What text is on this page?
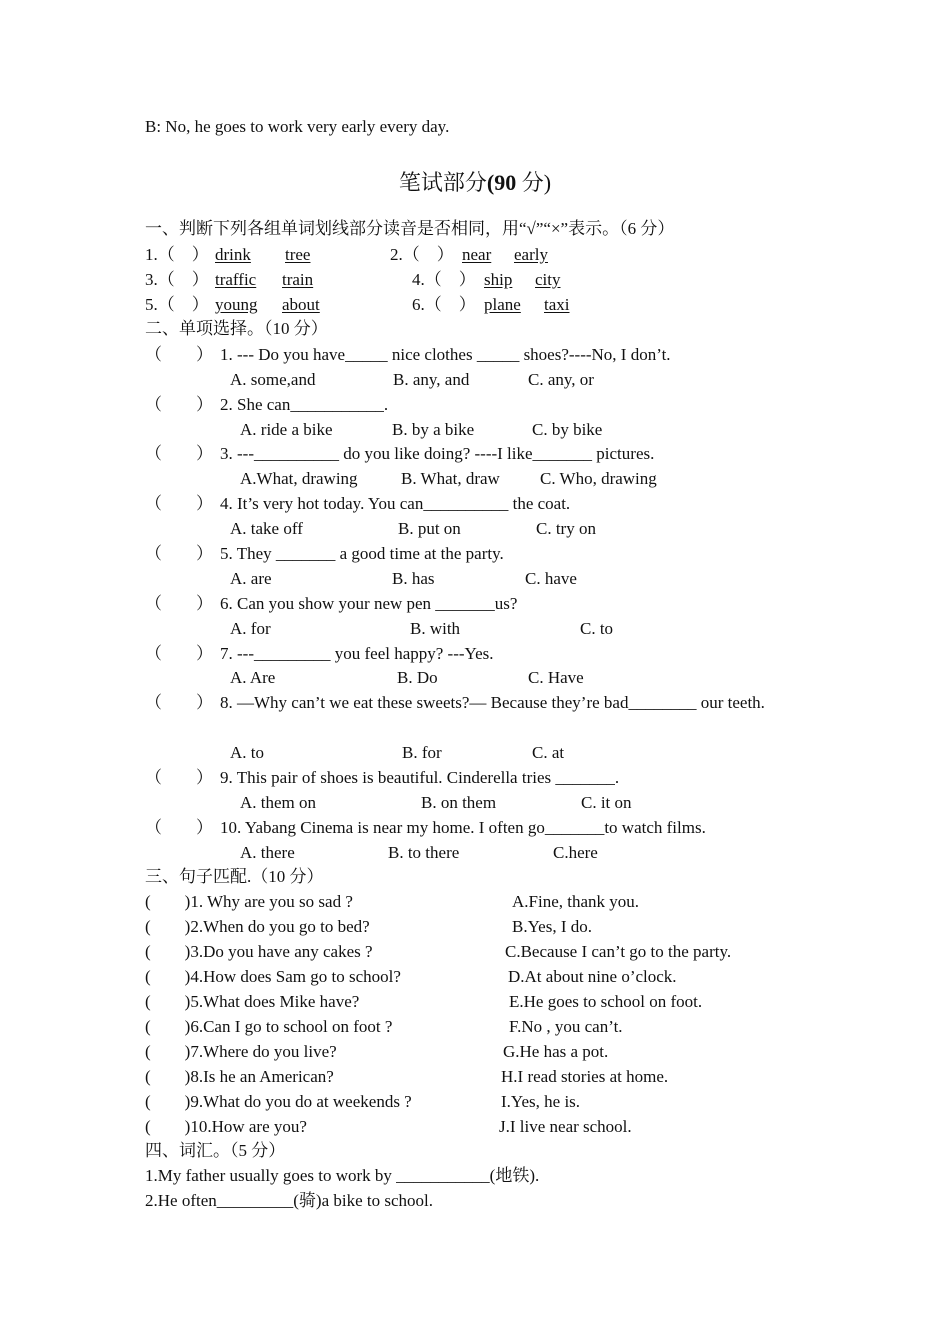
B: No, he goes to work very early every day.
笔试部分(90 分)
一、判断下列各组单词划线部分读音是否相同，用“√”“×”表示。（6 分）
1.（　） drink tree	2.（　） near early
3.（　） traffic train	4.（　） ship city
5.（　） young about	6.（　） plane taxi
二、单项选择。（10 分）
（　　） 1. --- Do you have_____ nice clothes _____ shoes?----No, I don’t.
A. some,and	B. any, and	C. any, or
（　　） 2. She can___________.
A. ride a bike	B. by a bike	C. by bike
（　　） 3. ---__________ do you like doing? ----I like_______ pictures.
A.What, drawing	B. What, draw C. Who, drawing
（　　） 4. It’s very hot today. You can__________ the coat.
A. take off	B. put on	C. try on
（　　） 5. They _______ a good time at the party.
A. are	B. has	C. have
（　　） 6. Can you show your new pen _______us?
A. for	B. with	C. to
（　　） 7. ---_________ you feel happy? ---Yes.
A. Are	B. Do	C. Have
（　　） 8. —Why can’t we eat these sweets?— Because they’re bad________ our teeth.
A. to	B. for	C. at
（　　） 9. This pair of shoes is beautiful. Cinderella tries _______.
A. them on	B. on them	C. it on
（　　） 10. Yabang Cinema is near my home. I often go_______to watch films.
A. there	B. to there	C.here
三、句子匹配.（10 分）
(　　)1. Why are you so sad ?	A.Fine, thank you.
(　　)2.When do you go to bed?	B.Yes, I do.
(　　)3.Do you have any cakes ?	C.Because I can’t go to the party.
(　　)4.How does Sam go to school?	D.At about nine o’clock.
(　　)5.What does Mike have?	E.He goes to school on foot.
(　　)6.Can I go to school on foot ?	F.No , you can’t.
(　　)7.Where do you live?	G.He has a pot.
(　　)8.Is he an American?	H.I read stories at home.
(　　)9.What do you do at weekends ?	I.Yes, he is.
(　　)10.How are you?	J.I live near school.
四、词汇。（5 分）
1.My father usually goes to work by ___________(地铁).
2.He often_________(骑)a bike to school.
